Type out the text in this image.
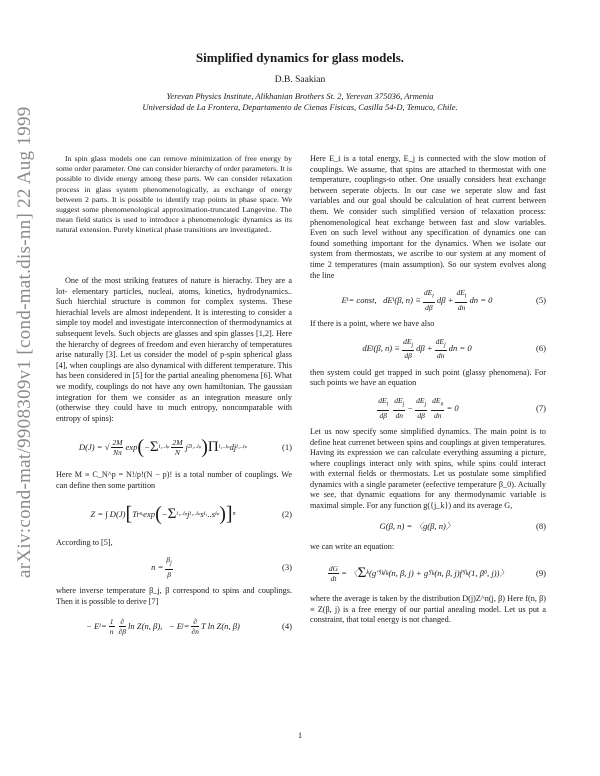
arXiv:cond-mat/9908309v1 [cond-mat.dis-nn] 22 Aug 1999
Simplified dynamics for glass models.
D.B. Saakian
Yerevan Physics Institute, Alikhanian Brothers St. 2, Yerevan 375036, Armenia
Universidad de La Frontera, Departamento de Cienas Fisicas, Casilla 54-D, Temuco, Chile.

In spin glass models one can remove minimization of free energy by some order parameter. One can consider hierarchy of order parameters. It is possible to divide energy among these parts. We can consider relaxation process in glass system phenomenologically, as exchange of energy between 2 parts. It is possible to identify trap points in phase space. We suggest some phenomenological approximation-truncated Langevine. The mean field statics is used to introduce a phenomenologic dynamics as its natural extension. Purely kinetical phase transitions are investigated..

One of the most striking features of nature is hierachy. They are a lot- elementary particles, nucleai, atoms, kinetics, hydrodynamics.. Such hierchial structure is common for complex systems. These hierachial levels are almost independent. It is interesting to consider a simple toy model and investigate interconnection of thermodynamics at subsequent levels. Such objects are glasses and spin glasses [1,2]. Here the hierarchy of degrees of freedom and even hierarchy of temperatures arise naturally [3]. Let us consider the model of p-spin spherical glass [4], when couplings are also dynamical with different temperature. This has been considered in [5] for the partial anealing phenomena [6]. What we modify, couplings do not have any own hamiltonian. The gaussian integration for them we consider as an integration measure only (otherwise they could have to much entropy, noncomparable with entropy of spins):

D(J) = √ $\frac{2M}{N\pi}$ exp ( − Σ $i_1..i_p \frac{2M}{N} j^2$ i₁..iₚ ) Π i₁..iₚ dj i₁..iₚ	(1)

Here M ≡ C_N^p = N!/p!(N − p)! is a total number of couplings. We can define then some partition

Z = ∫ D(J) [ Tr sᵢ exp ( − Σ i₁..iₚ j i₁..iₚ s i₁ ..s iₚ ) ] n	(2)

According to [5],

$n = \frac{\beta_j}{\beta}$	(3)

where inverse temperature β_j, β correspond to spins and couplings. Then it is possible to derive [7]

− E $i = \frac{1}{n} \frac{\partial}{\partial\beta}$ ln Z(n, β),   − E $j = \frac{\partial}{\partial n}$ T ln Z(n, β)	(4)

Here E_i is a total energy, E_j is connected with the slow motion of couplings. We assume, that spins are attached to thermostat with one temperature, couplings-to other. One usually considers heat exchange between seperate objects. In our case we seperate slow and fast variables and our goal should be calculation of heat current between them. We consider such simplified version of relaxation process: phenomenological heat exchange between fast and slow variables. Even on such level without any specification of dynamics one can found something important for the dynamics. When we isolate our system from thermostats, we ascribe to our system at any moment of time 2 temperatures (main assumption). So our system evolves along the line

E t = const,   dE t (β, $n) \equiv \frac{dE_t}{d\beta}$ $d\beta + \frac{dE_t}{dn}$ dn = 0	(5)

If there is a point, where we have also

dE j (β, $n) \equiv \frac{dE_j}{d\beta}$ $d\beta + \frac{dE_j}{dn}$ dn = 0	(6)

then system could get trapped in such point (glassy phenomena). For such points we have an equation

$\frac{dE_t}{d\beta} \frac{dE_j}{dn} - \frac{dE_j}{d\beta} \frac{dE_n}{dn} = 0$	(7)

Let us now specify some simplified dynamics. The main point is to define heat currenet between spins and couplings at given temperatures. Having its expression we can calculate everything assuming a picture, where couplings interact only with spins, while spins could interact with external fields or thermostats. Let us postulate some simplified dynamics with a single parameter (eefective temperature β_0). Actually we see, that dynamic equations for any thermodynamic variable is maximal simple. For any function g({j_k}) and its average G,

G(β, n) = 〈g(β, n)〉	(8)

we can write an equation:

$\frac{dG}{dt}$ = 〈 Σ k (g″ $j_kj_k$ (n, β, j) + g′ $j_k$ (n, β, j)f′ $j_k$ (1, β 0 , j))〉	(9)

where the average is taken by the distribution D(j)Z^n(j, β) Here f(n, β) ≡ Z(β, j) is a free energy of our partial anealing model. Let us put a constraint, that total energy is not changed.

1
